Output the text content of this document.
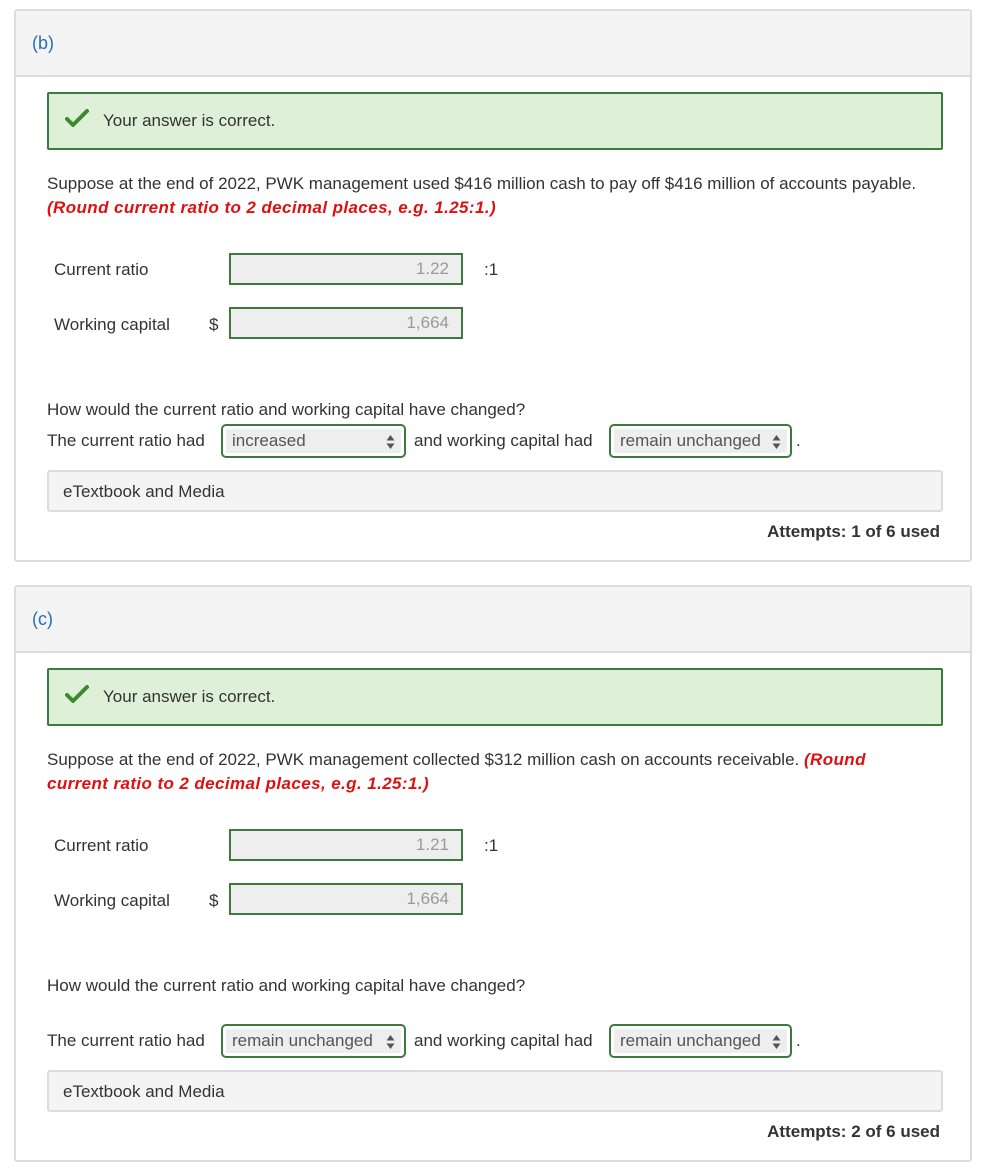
(b)
Your answer is correct.
Suppose at the end of 2022, PWK management used $416 million cash to pay off $416 million of accounts payable.
(Round current ratio to 2 decimal places, e.g. 1.25:1.)
Current ratio	1.22	:1
Working capital $	1,664
How would the current ratio and working capital have changed?
The current ratio had increased	and working capital had remain unchanged .
eTextbook and Media
Attempts: 1 of 6 used
(c)
Your answer is correct.
Suppose at the end of 2022, PWK management collected $312 million cash on accounts receivable. (Round
current ratio to 2 decimal places, e.g. 1.25:1.)
Current ratio	1.21	:1
Working capital $	1,664
How would the current ratio and working capital have changed?
The current ratio had remain unchanged and working capital had remain unchanged .
eTextbook and Media
Attempts: 2 of 6 used
